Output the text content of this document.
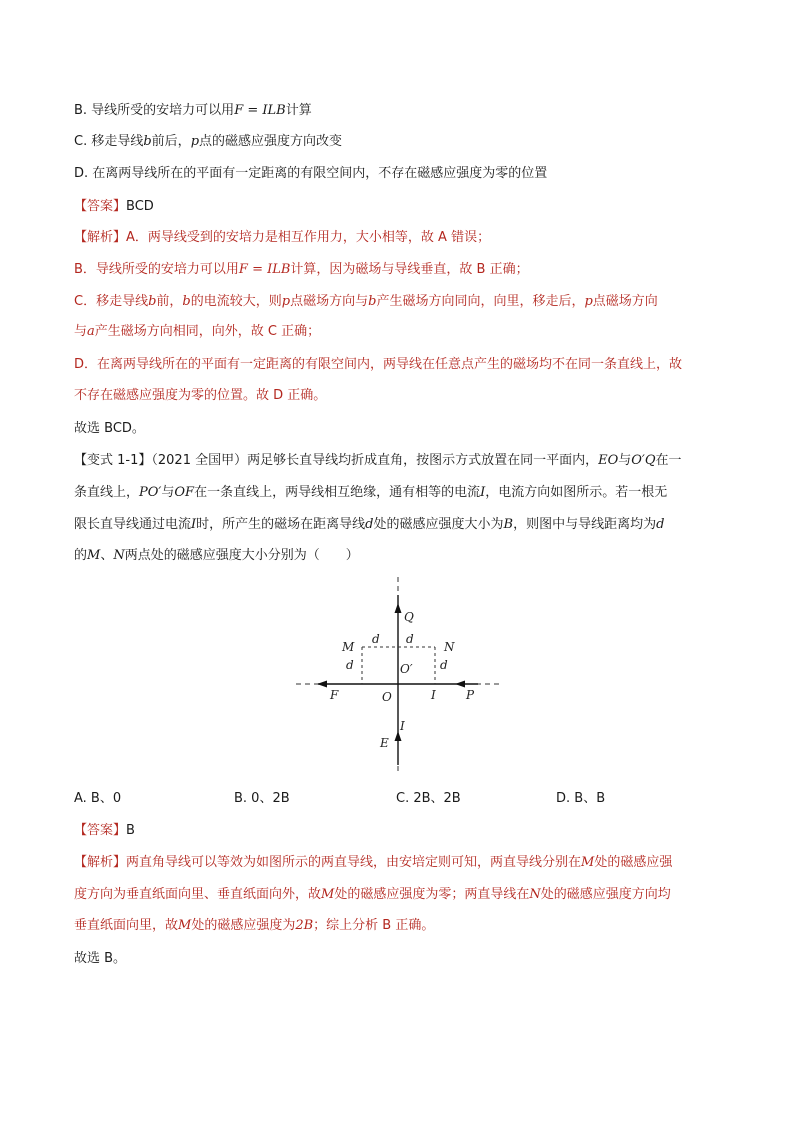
B. 导线所受的安培力可以用F = ILB计算
C. 移走导线b前后，p点的磁感应强度方向改变
D. 在离两导线所在的平面有一定距离的有限空间内，不存在磁感应强度为零的位置
【答案】BCD
【解析】A．两导线受到的安培力是相互作用力，大小相等，故 A 错误；
B．导线所受的安培力可以用F = ILB计算，因为磁场与导线垂直，故 B 正确；
C．移走导线b前，b的电流较大，则p点磁场方向与b产生磁场方向同向，向里，移走后，p点磁场方向
与a产生磁场方向相同，向外，故 C 正确；
D．在离两导线所在的平面有一定距离的有限空间内，两导线在任意点产生的磁场均不在同一条直线上，故
不存在磁感应强度为零的位置。故 D 正确。
故选 BCD。
【变式 1-1】（2021 全国甲）两足够长直导线均折成直角，按图示方式放置在同一平面内，EO与O′Q在一
条直线上，PO′与OF在一条直线上，两导线相互绝缘，通有相等的电流I，电流方向如图所示。若一根无
限长直导线通过电流I时，所产生的磁场在距离导线d处的磁感应强度大小为B，则图中与导线距离均为d
的M、N两点处的磁感应强度大小分别为（　　）
Q
M
d d
N
d	O′ d
F	O	I	P
I
E
A. B、0	B. 0、2B	C. 2B、2B	D. B、B
【答案】B
【解析】两直角导线可以等效为如图所示的两直导线，由安培定则可知，两直导线分别在M处的磁感应强
度方向为垂直纸面向里、垂直纸面向外，故M处的磁感应强度为零；两直导线在N处的磁感应强度方向均
垂直纸面向里，故M处的磁感应强度为2B；综上分析 B 正确。
故选 B。
